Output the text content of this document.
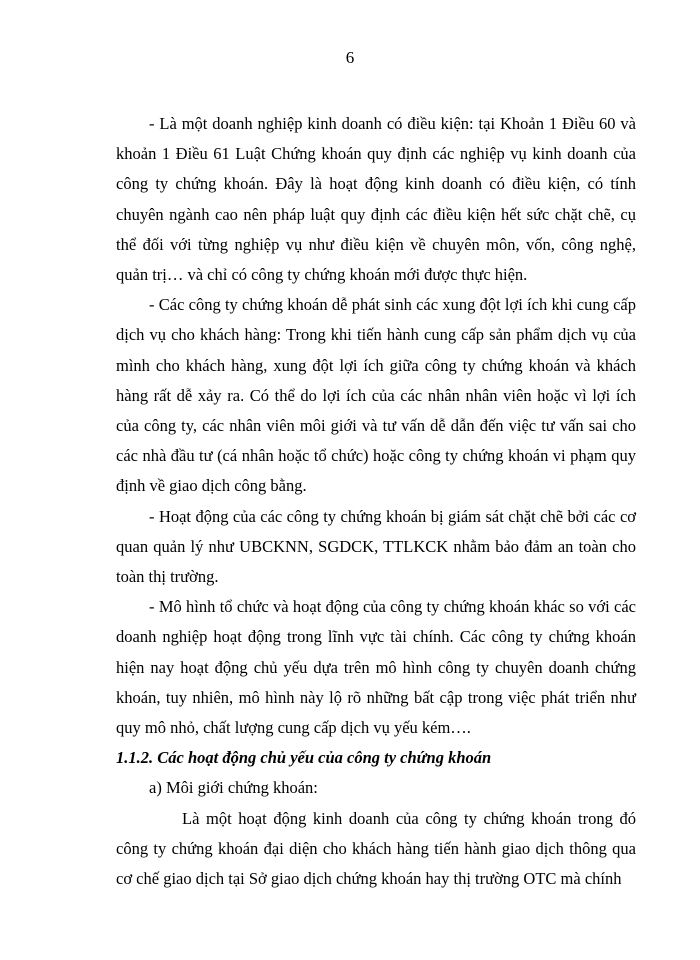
6

- Là một doanh nghiệp kinh doanh có điều kiện: tại Khoản 1 Điều 60 và khoản 1 Điều 61 Luật Chứng khoán quy định các nghiệp vụ kinh doanh của công ty chứng khoán. Đây là hoạt động kinh doanh có điều kiện, có tính chuyên ngành cao nên pháp luật quy định các điều kiện hết sức chặt chẽ, cụ thể đối với từng nghiệp vụ như điều kiện về chuyên môn, vốn, công nghệ, quản trị… và chỉ có công ty chứng khoán mới được thực hiện.

- Các công ty chứng khoán dễ phát sinh các xung đột lợi ích khi cung cấp dịch vụ cho khách hàng: Trong khi tiến hành cung cấp sản phẩm dịch vụ của mình cho khách hàng, xung đột lợi ích giữa công ty chứng khoán và khách hàng rất dễ xảy ra. Có thể do lợi ích của các nhân nhân viên hoặc vì lợi ích của công ty, các nhân viên môi giới và tư vấn dễ dẫn đến việc tư vấn sai cho các nhà đầu tư (cá nhân hoặc tổ chức) hoặc công ty chứng khoán vi phạm quy định về giao dịch công bằng.

- Hoạt động của các công ty chứng khoán bị giám sát chặt chẽ bởi các cơ quan quản lý như UBCKNN, SGDCK, TTLKCK nhằm bảo đảm an toàn cho toàn thị trường.

- Mô hình tổ chức và hoạt động của công ty chứng khoán khác so với các doanh nghiệp hoạt động trong lĩnh vực tài chính. Các công ty chứng khoán hiện nay hoạt động chủ yếu dựa trên mô hình công ty chuyên doanh chứng khoán, tuy nhiên, mô hình này lộ rõ những bất cập trong việc phát triển như quy mô nhỏ, chất lượng cung cấp dịch vụ yếu kém….

1.1.2. Các hoạt động chủ yếu của công ty chứng khoán

a) Môi giới chứng khoán:

Là một hoạt động kinh doanh của công ty chứng khoán trong đó công ty chứng khoán đại diện cho khách hàng tiến hành giao dịch thông qua cơ chế giao dịch tại Sở giao dịch chứng khoán hay thị trường OTC mà chính
